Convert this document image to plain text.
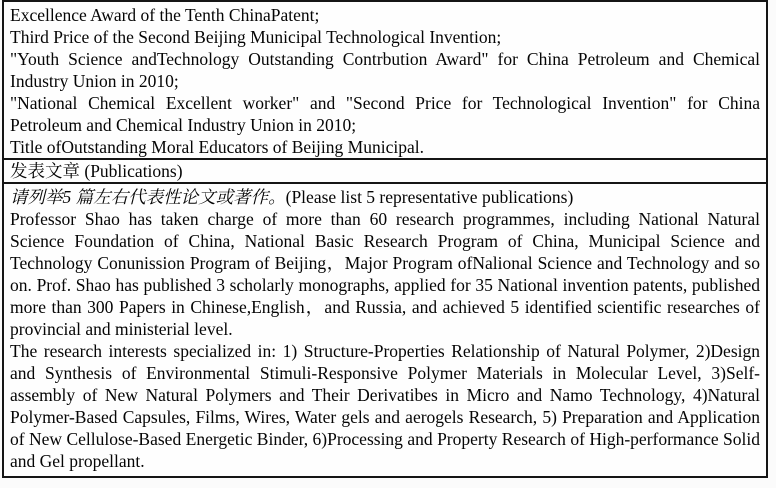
Excellence Award of the Tenth ChinaPatent;

Third Price of the Second Beijing Municipal Technological Invention;

"Youth Science andTechnology Outstanding Contrbution Award" for China Petroleum and Chemical Industry Union in 2010;

"National Chemical Excellent worker" and "Second Price for Technological Invention" for China Petroleum and Chemical Industry Union in 2010;

Title ofOutstanding Moral Educators of Beijing Municipal.

发表文章 (Publications)

请列举5 篇左右代表性论文或著作。(Please list 5 representative publications)

Professor Shao has taken charge of more than 60 research programmes, including National Natural Science Foundation of China, National Basic Research Program of China, Municipal Science and Technology Conunission Program of Beijing，Major Program ofNalional Science and Technology and so on. Prof. Shao has published 3 scholarly monographs, applied for 35 National invention patents, published more than 300 Papers in Chinese,English，and Russia, and achieved 5 identified scientific researches of provincial and ministerial level.

The research interests specialized in: 1) Structure-Properties Relationship of Natural Polymer, 2)Design and Synthesis of Environmental Stimuli-Responsive Polymer Materials in Molecular Level, 3)Self-assembly of New Natural Polymers and Their Derivatibes in Micro and Namo Technology, 4)Natural Polymer-Based Capsules, Films, Wires, Water gels and aerogels Research, 5) Preparation and Application of New Cellulose-Based Energetic Binder, 6)Processing and Property Research of High-performance Solid and Gel propellant.
